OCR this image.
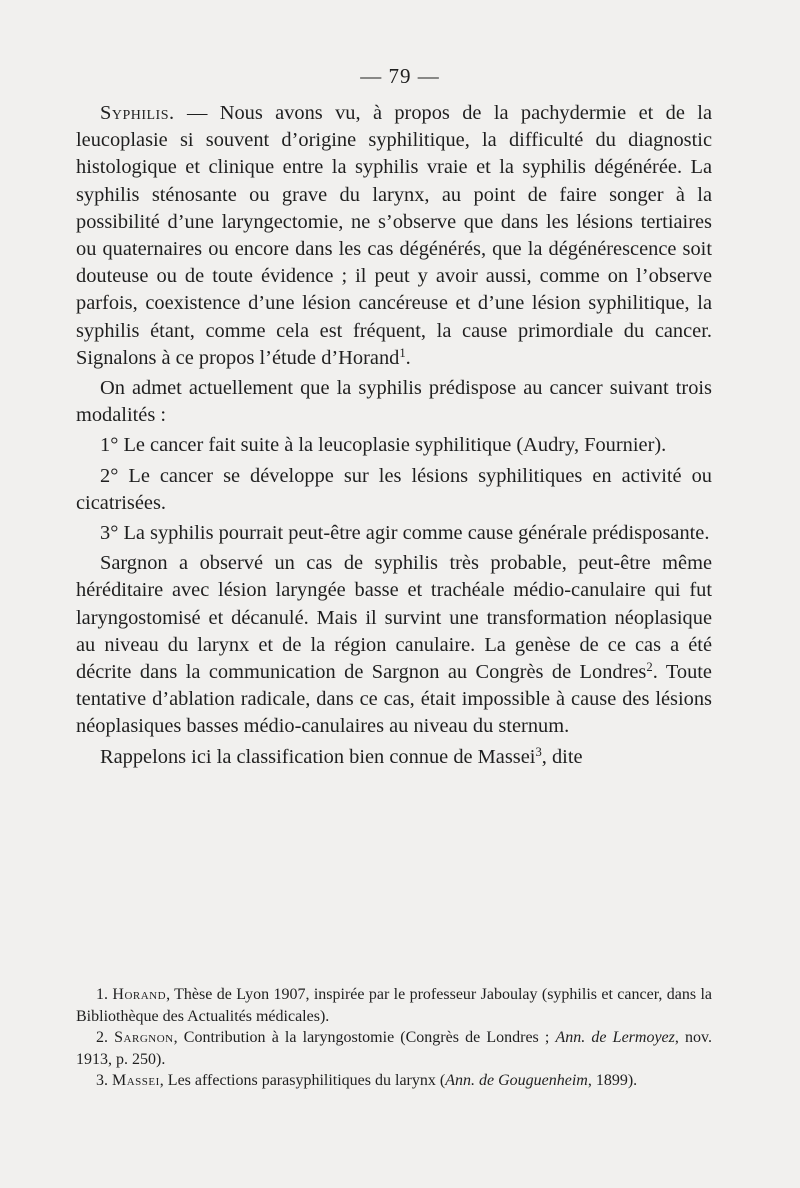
— 79 —

Syphilis. — Nous avons vu, à propos de la pachydermie et de la leucoplasie si souvent d’origine syphilitique, la difficulté du diagnostic histologique et clinique entre la syphilis vraie et la syphilis dégénérée. La syphilis sténosante ou grave du larynx, au point de faire songer à la possibilité d’une laryngectomie, ne s’observe que dans les lésions tertiaires ou quaternaires ou encore dans les cas dégénérés, que la dégénérescence soit douteuse ou de toute évidence ; il peut y avoir aussi, comme on l’observe parfois, coexistence d’une lésion cancéreuse et d’une lésion syphilitique, la syphilis étant, comme cela est fréquent, la cause primordiale du cancer. Signalons à ce propos l’étude d’Horand$^1$.

On admet actuellement que la syphilis prédispose au cancer suivant trois modalités :

1° Le cancer fait suite à la leucoplasie syphilitique (Audry, Fournier).

2° Le cancer se développe sur les lésions syphilitiques en activité ou cicatrisées.

3° La syphilis pourrait peut-être agir comme cause générale prédisposante.

Sargnon a observé un cas de syphilis très probable, peut-être même héréditaire avec lésion laryngée basse et trachéale médio-canulaire qui fut laryngostomisé et décanulé. Mais il survint une transformation néoplasique au niveau du larynx et de la région canulaire. La genèse de ce cas a été décrite dans la communication de Sargnon au Congrès de Londres$^2$. Toute tentative d’ablation radicale, dans ce cas, était impossible à cause des lésions néoplasiques basses médio-canulaires au niveau du sternum.

Rappelons ici la classification bien connue de Massei$^3$, dite

1. Horand, Thèse de Lyon 1907, inspirée par le professeur Jaboulay (syphilis et cancer, dans la Bibliothèque des Actualités médicales).

2. Sargnon, Contribution à la laryngostomie (Congrès de Londres ; Ann. de Lermoyez, nov. 1913, p. 250).

3. Massei, Les affections parasyphilitiques du larynx (Ann. de Gouguenheim, 1899).
